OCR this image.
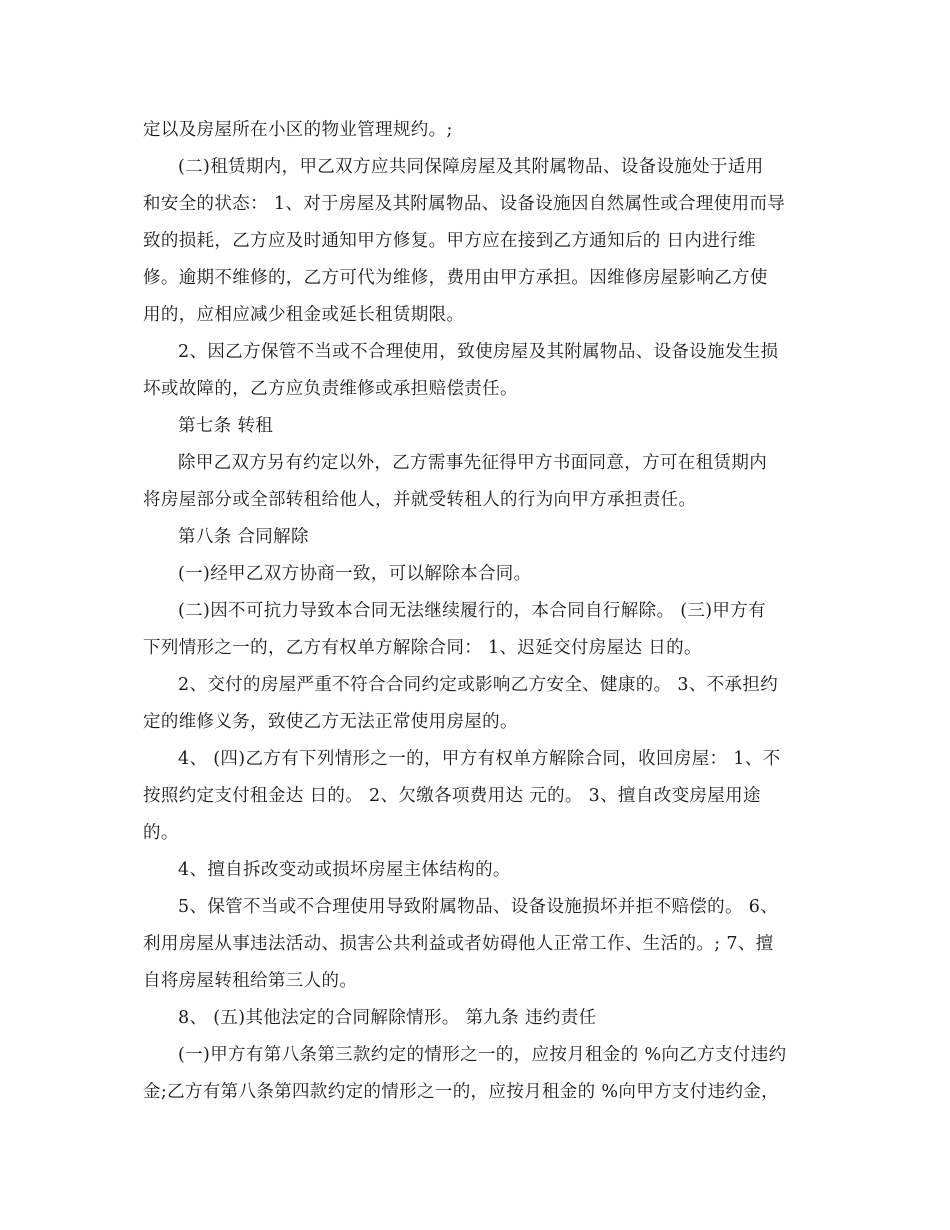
定以及房屋所在小区的物业管理规约。;
(二)租赁期内，甲乙双方应共同保障房屋及其附属物品、设备设施处于适用
和安全的状态： 1、对于房屋及其附属物品、设备设施因自然属性或合理使用而导
致的损耗，乙方应及时通知甲方修复。甲方应在接到乙方通知后的 日内进行维
修。逾期不维修的，乙方可代为维修，费用由甲方承担。因维修房屋影响乙方使
用的，应相应减少租金或延长租赁期限。
2、因乙方保管不当或不合理使用，致使房屋及其附属物品、设备设施发生损
坏或故障的，乙方应负责维修或承担赔偿责任。
第七条 转租
除甲乙双方另有约定以外，乙方需事先征得甲方书面同意，方可在租赁期内
将房屋部分或全部转租给他人，并就受转租人的行为向甲方承担责任。
第八条 合同解除
(一)经甲乙双方协商一致，可以解除本合同。
(二)因不可抗力导致本合同无法继续履行的，本合同自行解除。 (三)甲方有
下列情形之一的，乙方有权单方解除合同： 1、迟延交付房屋达 日的。
2、交付的房屋严重不符合合同约定或影响乙方安全、健康的。 3、不承担约
定的维修义务，致使乙方无法正常使用房屋的。
4、 (四)乙方有下列情形之一的，甲方有权单方解除合同，收回房屋： 1、不
按照约定支付租金达 日的。 2、欠缴各项费用达 元的。 3、擅自改变房屋用途
的。
4、擅自拆改变动或损坏房屋主体结构的。
5、保管不当或不合理使用导致附属物品、设备设施损坏并拒不赔偿的。 6、
利用房屋从事违法活动、损害公共利益或者妨碍他人正常工作、生活的。; 7、擅
自将房屋转租给第三人的。
8、 (五)其他法定的合同解除情形。 第九条 违约责任
(一)甲方有第八条第三款约定的情形之一的，应按月租金的 %向乙方支付违约
金;乙方有第八条第四款约定的情形之一的，应按月租金的 %向甲方支付违约金，
